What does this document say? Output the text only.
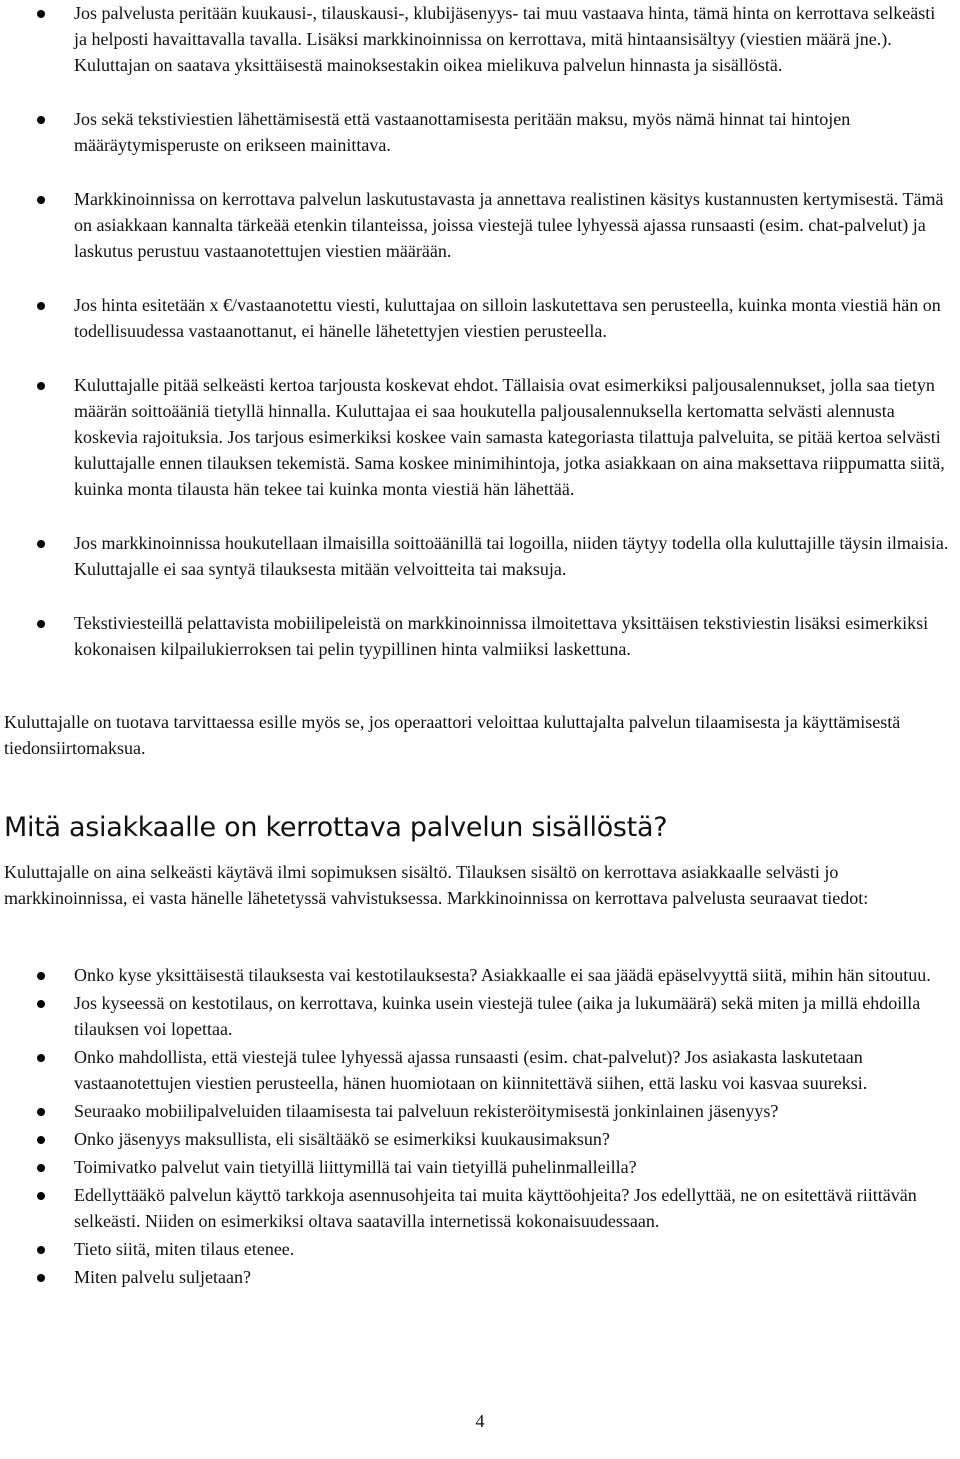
Jos palvelusta peritään kuukausi-, tilauskausi-, klubijäsenyys- tai muu vastaava hinta, tämä hinta on kerrottava selkeästi ja helposti havaittavalla tavalla. Lisäksi markkinoinnissa on kerrottava, mitä hintaansisältyy (viestien määrä jne.). Kuluttajan on saatava yksittäisestä mainoksestakin oikea mielikuva palvelun hinnasta ja sisällöstä.
Jos sekä tekstiviestien lähettämisestä että vastaanottamisesta peritään maksu, myös nämä hinnat tai hintojen määräytymisperuste on erikseen mainittava.
Markkinoinnissa on kerrottava palvelun laskutustavasta ja annettava realistinen käsitys kustannusten kertymisestä. Tämä on asiakkaan kannalta tärkeää etenkin tilanteissa, joissa viestejä tulee lyhyessä ajassa runsaasti (esim. chat-palvelut) ja laskutus perustuu vastaanotettujen viestien määrään.
Jos hinta esitetään x €/vastaanotettu viesti, kuluttajaa on silloin laskutettava sen perusteella, kuinka monta viestiä hän on todellisuudessa vastaanottanut, ei hänelle lähetettyjen viestien perusteella.
Kuluttajalle pitää selkeästi kertoa tarjousta koskevat ehdot. Tällaisia ovat esimerkiksi paljousalennukset, jolla saa tietyn määrän soittoääniä tietyllä hinnalla. Kuluttajaa ei saa houkutella paljousalennuksella kertomatta selvästi alennusta koskevia rajoituksia. Jos tarjous esimerkiksi koskee vain samasta kategoriasta tilattuja palveluita, se pitää kertoa selvästi kuluttajalle ennen tilauksen tekemistä. Sama koskee minimihintoja, jotka asiakkaan on aina maksettava riippumatta siitä, kuinka monta tilausta hän tekee tai kuinka monta viestiä hän lähettää.
Jos markkinoinnissa houkutellaan ilmaisilla soittoäänillä tai logoilla, niiden täytyy todella olla kuluttajille täysin ilmaisia. Kuluttajalle ei saa syntyä tilauksesta mitään velvoitteita tai maksuja.
Tekstiviesteillä pelattavista mobiilipeleistä on markkinoinnissa ilmoitettava yksittäisen tekstiviestin lisäksi esimerkiksi kokonaisen kilpailukierroksen tai pelin tyypillinen hinta valmiiksi laskettuna.

Kuluttajalle on tuotava tarvittaessa esille myös se, jos operaattori veloittaa kuluttajalta palvelun tilaamisesta ja käyttämisestä tiedonsiirtomaksua.

Mitä asiakkaalle on kerrottava palvelun sisällöstä?

Kuluttajalle on aina selkeästi käytävä ilmi sopimuksen sisältö. Tilauksen sisältö on kerrottava asiakkaalle selvästi jo markkinoinnissa, ei vasta hänelle lähetetyssä vahvistuksessa. Markkinoinnissa on kerrottava palvelusta seuraavat tiedot:

Onko kyse yksittäisestä tilauksesta vai kestotilauksesta? Asiakkaalle ei saa jäädä epäselvyyttä siitä, mihin hän sitoutuu.
Jos kyseessä on kestotilaus, on kerrottava, kuinka usein viestejä tulee (aika ja lukumäärä) sekä miten ja millä ehdoilla tilauksen voi lopettaa.
Onko mahdollista, että viestejä tulee lyhyessä ajassa runsaasti (esim. chat-palvelut)? Jos asiakasta laskutetaan vastaanotettujen viestien perusteella, hänen huomiotaan on kiinnitettävä siihen, että lasku voi kasvaa suureksi.
Seuraako mobiilipalveluiden tilaamisesta tai palveluun rekisteröitymisestä jonkinlainen jäsenyys?
Onko jäsenyys maksullista, eli sisältääkö se esimerkiksi kuukausimaksun?
Toimivatko palvelut vain tietyillä liittymillä tai vain tietyillä puhelinmalleilla?
Edellyttääkö palvelun käyttö tarkkoja asennusohjeita tai muita käyttöohjeita? Jos edellyttää, ne on esitettävä riittävän selkeästi. Niiden on esimerkiksi oltava saatavilla internetissä kokonaisuudessaan.
Tieto siitä, miten tilaus etenee.
Miten palvelu suljetaan?
4
